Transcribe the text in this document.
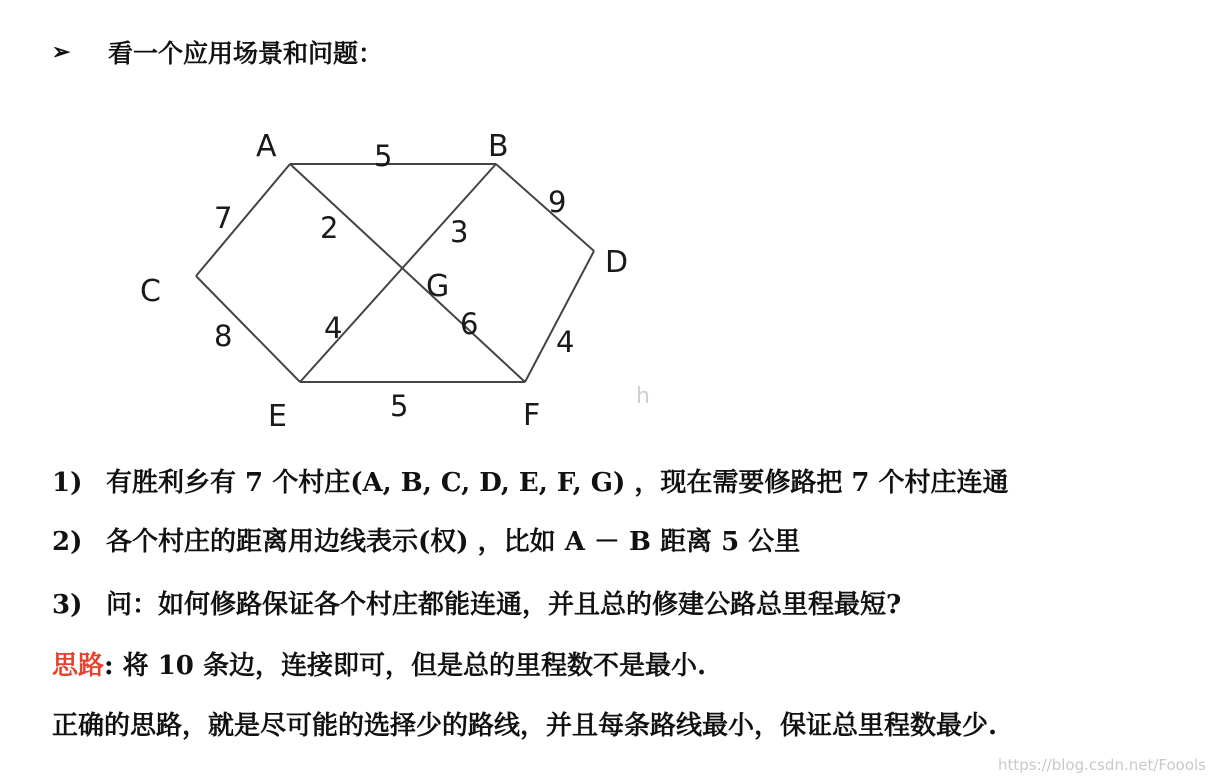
➢ 看一个应用场景和问题：
A	B
C
D
E	F
G
5
9
7	2	3
8	4	6
4
5	h
1) 有胜利乡有 7 个村庄(A, B, C, D, E, F, G) ，现在需要修路把 7 个村庄连通
2) 各个村庄的距离用边线表示(权) ，比如 A － B 距离 5 公里
3) 问：如何修路保证各个村庄都能连通，并且总的修建公路总里程最短?
思路 : 将 10 条边，连接即可，但是总的里程数不是最小.
正确的思路，就是尽可能的选择少的路线，并且每条路线最小，保证总里程数最少.
https://blog.csdn.net/Foools
